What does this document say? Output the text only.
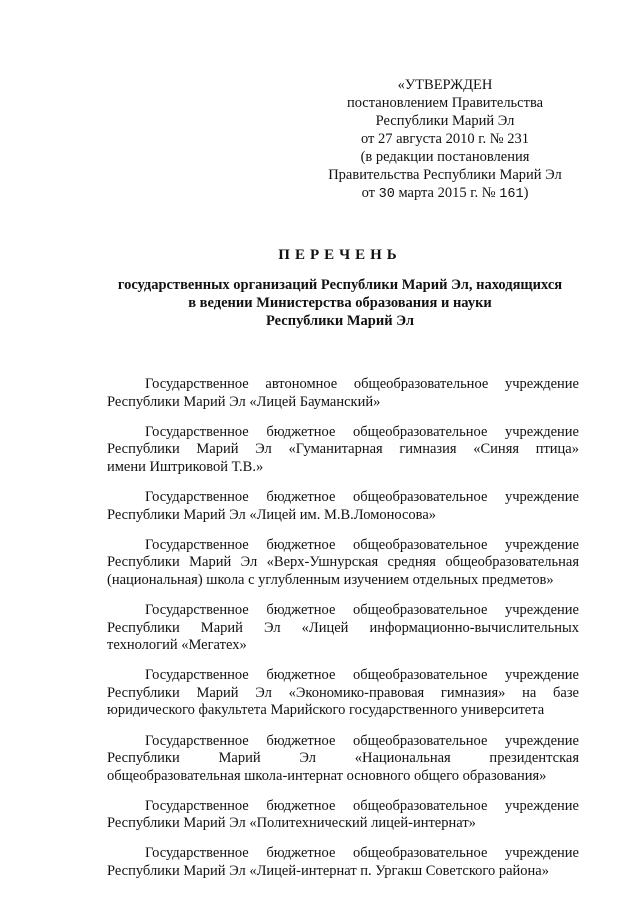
«УТВЕРЖДЕН
постановлением Правительства
Республики Марий Эл
от 27 августа 2010 г. № 231
(в редакции постановления
Правительства Республики Марий Эл
от 30 марта 2015 г. № 161)
ПЕРЕЧЕНЬ
государственных организаций Республики Марий Эл, находящихся
в ведении Министерства образования и науки
Республики Марий Эл
Государственное автономное общеобразовательное учреждение
Республики Марий Эл «Лицей Бауманский»
Государственное бюджетное общеобразовательное учреждение
Республики Марий Эл «Гуманитарная гимназия «Синяя птица»
имени Иштриковой Т.В.»
Государственное бюджетное общеобразовательное учреждение
Республики Марий Эл «Лицей им. М.В.Ломоносова»
Государственное бюджетное общеобразовательное учреждение
Республики Марий Эл «Верх-Ушнурская средняя общеобразовательная
(национальная) школа с углубленным изучением отдельных предметов»
Государственное бюджетное общеобразовательное учреждение
Республики Марий Эл «Лицей информационно-вычислительных
технологий «Мегатех»
Государственное бюджетное общеобразовательное учреждение
Республики Марий Эл «Экономико-правовая гимназия» на базе
юридического факультета Марийского государственного университета
Государственное бюджетное общеобразовательное учреждение
Республики Марий Эл «Национальная президентская
общеобразовательная школа-интернат основного общего образования»
Государственное бюджетное общеобразовательное учреждение
Республики Марий Эл «Политехнический лицей-интернат»
Государственное бюджетное общеобразовательное учреждение
Республики Марий Эл «Лицей-интернат п. Ургакш Советского района»
